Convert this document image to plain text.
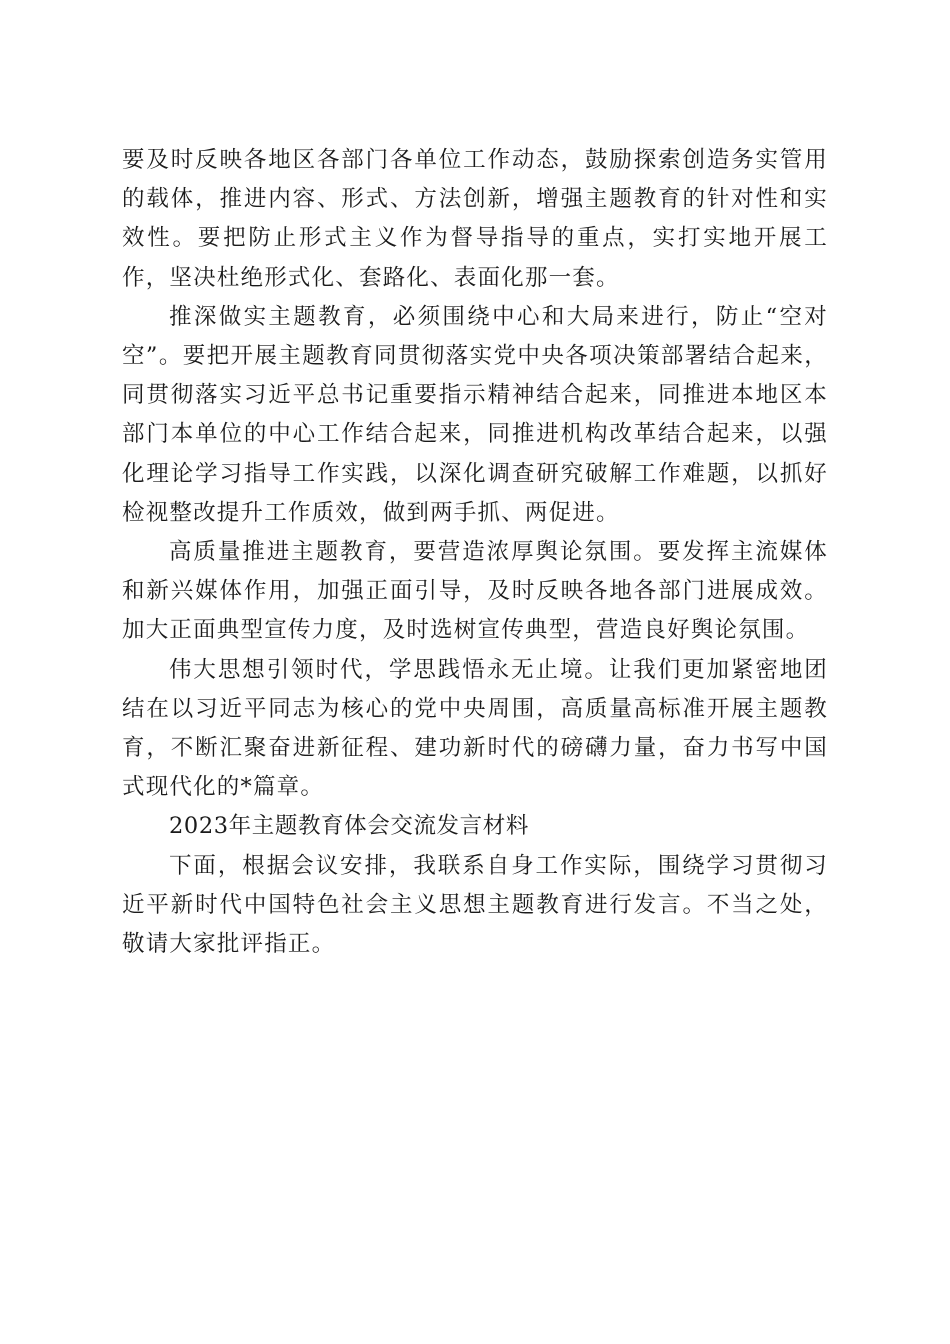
要及时反映各地区各部门各单位工作动态，鼓励探索创造务实管用的载体，推进内容、形式、方法创新，增强主题教育的针对性和实效性。要把防止形式主义作为督导指导的重点，实打实地开展工作，坚决杜绝形式化、套路化、表面化那一套。

推深做实主题教育，必须围绕中心和大局来进行，防止“空对空”。要把开展主题教育同贯彻落实党中央各项决策部署结合起来，同贯彻落实习近平总书记重要指示精神结合起来，同推进本地区本部门本单位的中心工作结合起来，同推进机构改革结合起来，以强化理论学习指导工作实践，以深化调查研究破解工作难题，以抓好检视整改提升工作质效，做到两手抓、两促进。

高质量推进主题教育，要营造浓厚舆论氛围。要发挥主流媒体和新兴媒体作用，加强正面引导，及时反映各地各部门进展成效。加大正面典型宣传力度，及时选树宣传典型，营造良好舆论氛围。

伟大思想引领时代，学思践悟永无止境。让我们更加紧密地团结在以习近平同志为核心的党中央周围，高质量高标准开展主题教育，不断汇聚奋进新征程、建功新时代的磅礴力量，奋力书写中国式现代化的*篇章。

2023年主题教育体会交流发言材料

下面，根据会议安排，我联系自身工作实际，围绕学习贯彻习近平新时代中国特色社会主义思想主题教育进行发言。不当之处，敬请大家批评指正。
